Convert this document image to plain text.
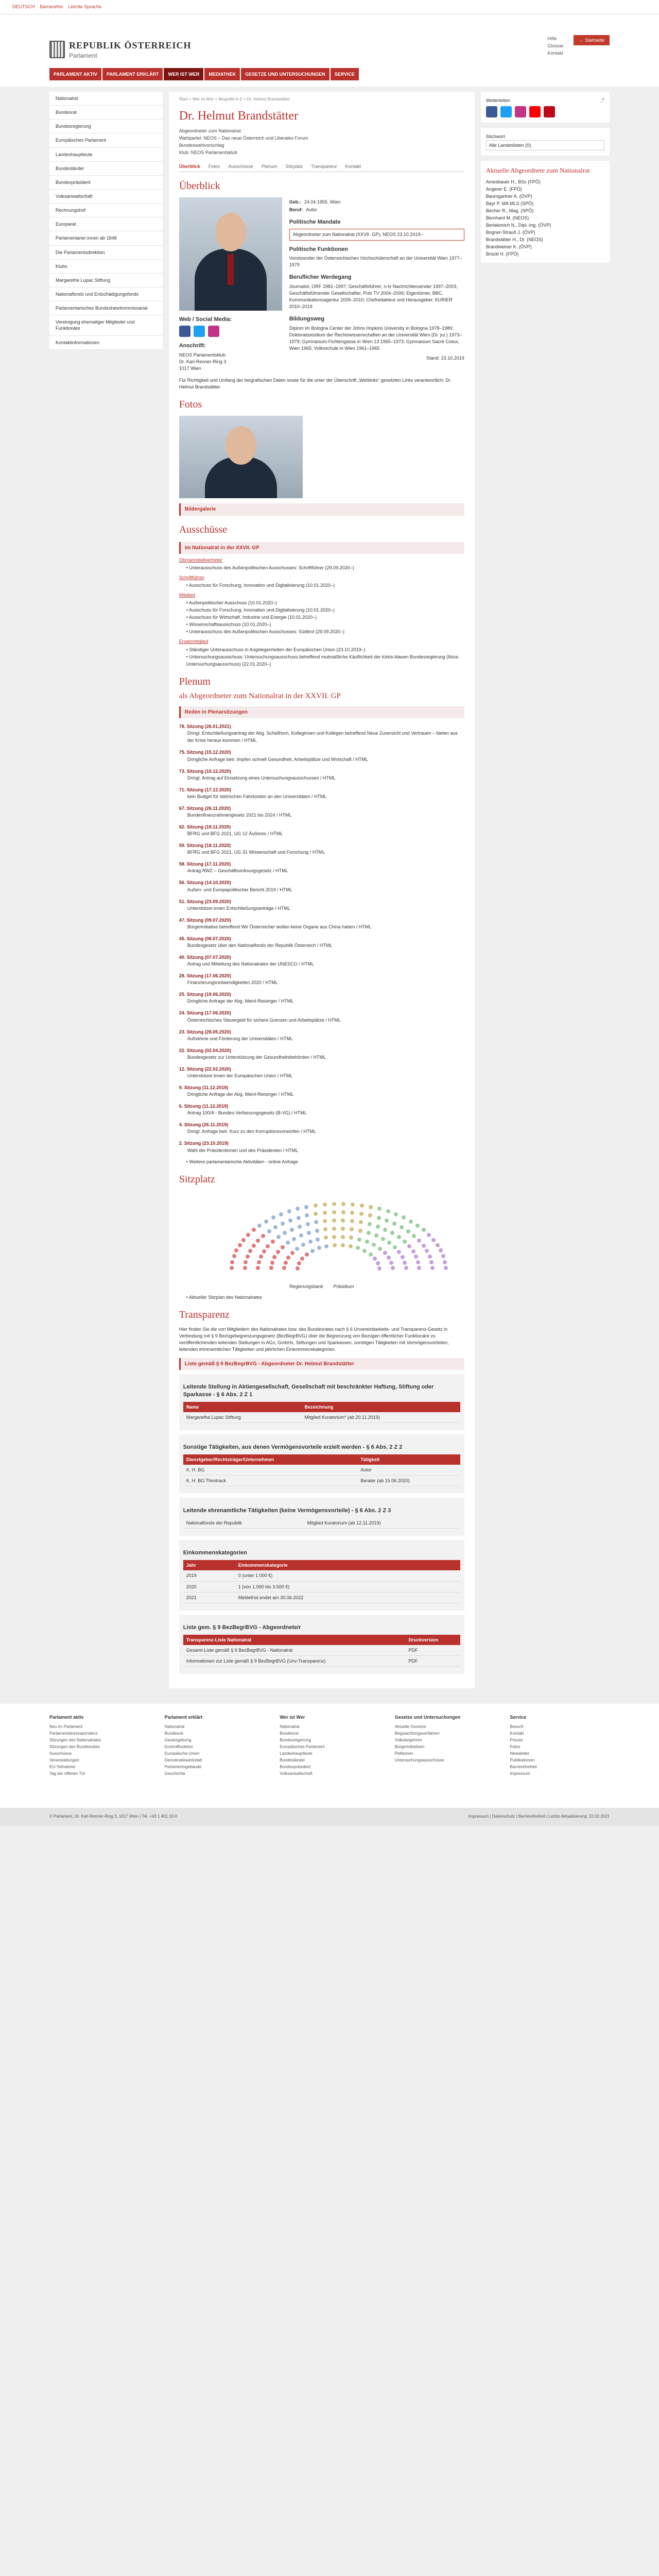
DEUTSCH Barrierefrei Leichte Sprache
REPUBLIK ÖSTERREICH
Parlament
Hilfe
Glossar
Kontakt
← Startseite
PARLAMENT AKTIV	PARLAMENT ERKLÄRT	WER IST WER	MEDIATHEK	GESETZE UND UNTERSUCHUNGEN	SERVICE
Nationalrat
Bundesrat
Bundesregierung
Europäisches Parlament
Landeshauptleute
Bundesländer
Bundespräsident
Volksanwaltschaft
Rechnungshof
Europarat
Parlamentarier:innen ab 1848
Die Parlamentsdirektion
Klubs
Margarethe Lupac Stiftung
Nationalfonds und Entschädigungsfonds
Parlamentarisches Bundesheerkommissariat
Vereinigung ehemaliger Mitglieder und Funktionäre
Kontaktinformationen
Start > Wer ist Wer > Biografie A-Z > Dr. Helmut Brandstätter
Dr. Helmut Brandstätter
Abgeordneter zum Nationalrat
Wahlpartei: NEOS – Das neue Österreich und Liberales Forum
Bundeswahlvorschlag
Klub: NEOS Parlamentsklub
Überblick Fotos Ausschüsse Plenum Sitzplatz Transparenz Kontakt
Überblick
Web / Social Media:
Anschrift:
NEOS Parlamentsklub
Dr. Karl-Renner-Ring 3
1017 Wien
Geb.: 24.04.1955, Wien
Beruf: Autor
Politische Mandate
Abgeordneter zum Nationalrat (XXVII. GP), NEOS 23.10.2019–
Politische Funktionen
Vorsitzender der Österreichischen Hochschülerschaft an der Universität Wien 1977–1979
Beruflicher Werdegang
Journalist, ORF 1982–1997; Geschäftsführer, n-tv Nachrichtensender 1997–2003; Geschäftsführender Gesellschafter, Puls TV 2004–2006; Eigentümer, BBC, Kommunikationsagentur 2005–2010; Chefredakteur und Herausgeber, KURIER 2010–2019
Bildungsweg
Diplom im Bologna Center der Johns Hopkins University in Bologna 1978–1980; Doktoratsstudium der Rechtswissenschaften an der Universität Wien (Dr. jur.) 1973–1979; Gymnasium-Fichtengasse in Wien 13 1965–1973; Gymnasium Sacré Coeur, Wien 1965; Volksschule in Wien 1961–1965
Stand: 23.10.2019
Für Richtigkeit und Umfang der biografischen Daten sowie für die unter der Überschrift „Weblinks“ gesetzten Links verantwortlich: Dr. Helmut Brandstätter
Fotos
Bildergalerie
Ausschüsse
im Nationalrat in der XXVII. GP
Obmannstellvertreter
• Unterausschuss des Außenpolitischen Ausschusses: Schriftführer (29.09.2020–)
Schriftführer
• Ausschuss für Forschung, Innovation und Digitalisierung (10.01.2020–)
Mitglied
• Außenpolitischer Ausschuss (10.01.2020–)
• Ausschuss für Forschung, Innovation und Digitalisierung (10.01.2020–)
• Ausschuss für Wirtschaft, Industrie und Energie (10.01.2020–)
• Wissenschaftsausschuss (10.01.2020–)
• Unterausschuss des Außenpolitischen Ausschusses: Südtirol (29.09.2020–)
Ersatzmitglied
• Ständiger Unterausschuss in Angelegenheiten der Europäischen Union (23.10.2019–)
• Untersuchungsausschuss: Untersuchungsausschuss betreffend mutmaßliche Käuflichkeit der türkis-blauen Bundesregierung (Ibiza-Untersuchungsausschuss) (22.01.2020–)
Plenum
als Abgeordneter zum Nationalrat in der XXVII. GP
Reden in Plenarsitzungen
78. Sitzung (26.01.2021)
Dringl. Entschließungsantrag der Abg. Schellhorn, Kolleginnen und Kollegen betreffend Neue Zuversicht und Vertrauen – bieten aus der Krise heraus kommen / HTML
75. Sitzung (15.12.2020)
Dringliche Anfrage betr. Impfen schnell Gesundheit, Arbeitsplätze und Wirtschaft / HTML
73. Sitzung (10.12.2020)
Dringl. Antrag auf Einsetzung eines Untersuchungsausschusses / HTML
71. Sitzung (17.12.2020)
kein Budget für steirischen Fahrkosten an den Universitäten / HTML
67. Sitzung (26.11.2020)
Bundesfinanzrahmengesetz 2021 bis 2024 / HTML
62. Sitzung (19.11.2020)
BFRG und BFG 2021, UG 12 Äußeres / HTML
59. Sitzung (18.11.2020)
BFRG und BFG 2021, UG 31 Wissenschaft und Forschung / HTML
58. Sitzung (17.11.2020)
Antrag RWZ – Geschäftsordnungsgesetz / HTML
56. Sitzung (14.10.2020)
Außen- und Europapolitischer Bericht 2019 / HTML
51. Sitzung (23.09.2020)
Unterstützer:innen Entschließungsanträge / HTML
47. Sitzung (09.07.2020)
Bürgerinitiative betreffend Wir Österreicher wollen keine Organe aus China haben / HTML
45. Sitzung (08.07.2020)
Bundesgesetz über den Nationalfonds der Republik Österreich / HTML
40. Sitzung (07.07.2020)
Antrag und Mitteilung des Nationalrates der UNESCO / HTML
28. Sitzung (17.06.2020)
Finanzierungsnotwendigkeiten 2020 / HTML
25. Sitzung (19.06.2020)
Dringliche Anfrage der Abg. Meinl-Reisinger / HTML
24. Sitzung (17.06.2020)
Österreichisches Steuergeld für sichere Grenzen und Arbeitsplätze / HTML
23. Sitzung (28.05.2020)
Aufnahme und Förderung der Universitäten / HTML
22. Sitzung (02.04.2020)
Bundesgesetz zur Unterstützung der Gesundheitsbehörden / HTML
12. Sitzung (22.02.2020)
Unterstützer:innen der Europäischen Union / HTML
9. Sitzung (11.12.2019)
Dringliche Anfrage der Abg. Meinl-Reisinger / HTML
6. Sitzung (11.12.2019)
Antrag 100/A - Bundes-Verfassungsgesetz (B-VG) / HTML
4. Sitzung (26.11.2019)
Dringl. Anfrage betr. Kurz zu den Korruptionsvorwürfen / HTML
2. Sitzung (23.10.2019)
Wahl der Präsidentinnen und des Präsidenten / HTML
• Weitere parlamentarische Aktivitäten - online Anfrage
Sitzplatz
Regierungsbank Präsidium
• Aktueller Sitzplan des Nationalrates
Transparenz
Hier finden Sie die von Mitgliedern des Nationalrates bzw. des Bundesrates nach § 6 Unvereinbarkeits- und Transparenz-Gesetz in Verbindung mit § 9 Bezügebegrenzungsgesetz (BezBegrBVG) über die Begrenzung von Bezügen öffentlicher Funktionäre zu veröffentlichenden leitenden Stellungen in AGs, GmbHs, Stiftungen und Sparkassen, sonstigen Tätigkeiten mit Vermögensvorteilen, leitenden ehrenamtlichen Tätigkeiten und jährlichen Einkommenskategorien.
Liste gemäß § 9 BezBegrBVG - Abgeordneter Dr. Helmut Brandstätter
Leitende Stellung in Aktiengesellschaft, Gesellschaft mit beschränkter Haftung, Stiftung oder Sparkasse - § 6 Abs. 2 Z 1
Name	Bezeichnung
Margaretha Lupac Stiftung	Mitglied Kuratorium* (ab 20.11.2019)
Sonstige Tätigkeiten, aus denen Vermögensvorteile erzielt werden - § 6 Abs. 2 Z 2
Dienstgeber/Rechtsträger/Unternehmen	Tätigkeit
K. H. BG	Autor
K. H. BG Thimtrack	Berater (ab 15.06.2020)
Leitende ehrenamtliche Tätigkeiten (keine Vermögensvorteile) - § 6 Abs. 2 Z 3
Nationalfonds der Republik	Mitglied Kuratorium (ab 12.11.2019)
Einkommenskategorien
Jahr	Einkommenskategorie
2019	0 (unter 1.000 €)
2020	1 (von 1.000 bis 3.500 €)
2021	Meldefrist endet am 30.06.2022
Liste gem. § 9 BezBegrBVG - Abgeordnete/r
Transparenz-Liste Nationalrat	Druckversion
Gesamt-Liste gemäß § 9 BezBegrBVG - Nationalrat	PDF
Informationen zur Liste gemäß § 9 BezBegrBVG (Unv-Transparenz)	PDF
Weiterleiten	⤴
Stichwort
Alle Landeslisten (0)
Aktuelle Abgeordnete zum Nationalrat
Amesbauer H., BSc (FPÖ)
Angerer E. (FPÖ)
Baumgartner A. (ÖVP)
Bayr P. MA MLS (SPÖ)
Becher R., Mag. (SPÖ)
Bernhard M. (NEOS)
Berlakovich N., Dipl.-Ing. (ÖVP)
Bogner-Strauß J. (ÖVP)
Brandstätter H., Dr. (NEOS)
Brandweiner K. (ÖVP)
Brückl H. (FPÖ)
Parlament aktiv
Neu im Parlament
Parlamentskorrespondenz
Sitzungen des Nationalrates
Sitzungen des Bundesrates
Ausschüsse
Veranstaltungen
EU-Teilnahme
Tag der offenen Tür
Parlament erklärt
Nationalrat
Bundesrat
Gesetzgebung
Kontrollfunktion
Europäische Union
Demokratiewerkstatt
Parlamentsgebäude
Geschichte
Wer ist Wer
Nationalrat
Bundesrat
Bundesregierung
Europäisches Parlament
Landeshauptleute
Bundesländer
Bundespräsident
Volksanwaltschaft
Gesetze und Untersuchungen
Aktuelle Gesetze
Begutachtungsverfahren
Volksbegehren
Bürgerinitiativen
Petitionen
Untersuchungsausschüsse
Service
Besuch
Kontakt
Presse
Fotos
Newsletter
Publikationen
Barrierefreiheit
Impressum
© Parlament, Dr. Karl-Renner-Ring 3, 1017 Wien | Tel. +43 1 401 10-0	Impressum | Datenschutz | Barrierefreiheit | Letzte Aktualisierung: 22.02.2021
